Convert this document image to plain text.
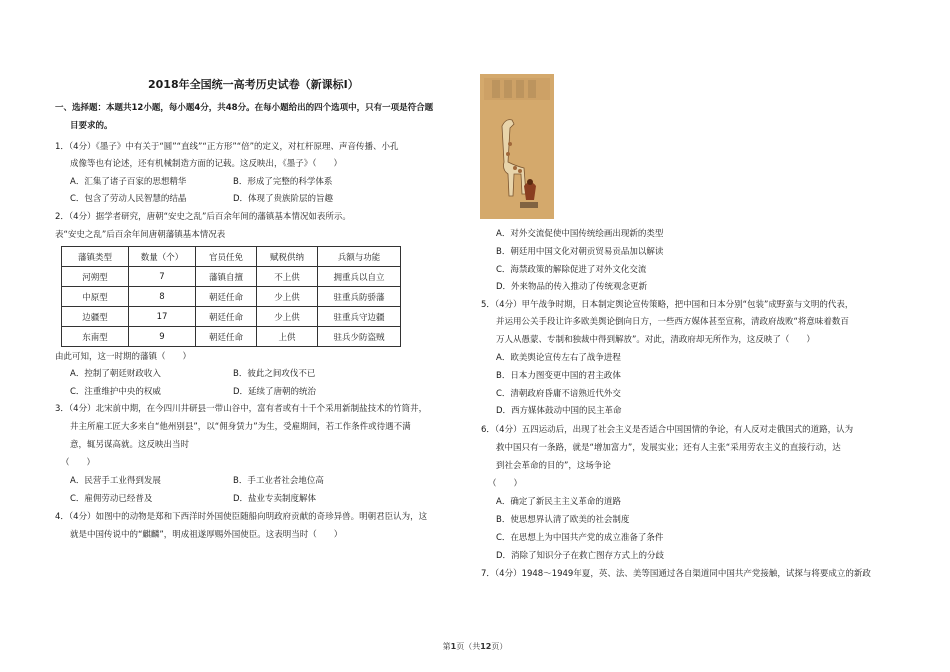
2018年全国统一高考历史试卷（新课标Ⅰ）
一、选择题：本题共12小题，每小题4分，共48分。在每小题给出的四个选项中，只有一项是符合题
目要求的。
1．（4分）《墨子》中有关于“圆”“直线”“正方形”“倍”的定义，对杠杆原理、声音传播、小孔
成像等也有论述，还有机械制造方面的记载。这反映出，《墨子》（　　）
A．汇集了诸子百家的思想精华	B．形成了完整的科学体系
C．包含了劳动人民智慧的结晶	D．体现了贵族阶层的旨趣
2．（4分）据学者研究，唐朝“安史之乱”后百余年间的藩镇基本情况如表所示。
表“安史之乱”后百余年间唐朝藩镇基本情况表
藩镇类型	数量（个）	官员任免	赋税供纳	兵额与功能
河朔型	7	藩镇自擅	不上供	拥重兵以自立
中原型	8	朝廷任命	少上供	驻重兵防骄藩
边疆型	17	朝廷任命	少上供	驻重兵守边疆
东南型	9	朝廷任命	上供	驻兵少防盗贼
由此可知，这一时期的藩镇（　　）
A．控制了朝廷财政收入	B．彼此之间攻伐不已
C．注重维护中央的权威	D．延续了唐朝的统治
3．（4分）北宋前中期，在今四川井研县一带山谷中，富有者或有十千个采用新制盐技术的竹筒井，
井主所雇工匠大多来自“他州别县”，以“佣身赁力”为生，受雇期间，若工作条件或待遇不满
意，辄另谋高就。这反映出当时
（　　）
A．民营手工业得到发展	B．手工业者社会地位高
C．雇佣劳动已经普及	D．盐业专卖制度解体
4．（4分）如图中的动物是郑和下西洋时外国使臣随船向明政府贡献的奇珍异兽。明朝君臣认为，这
就是中国传说中的“麒麟”，明成祖遂厚赐外国使臣。这表明当时（　　）
A．对外交流促使中国传统绘画出现新的类型
B．朝廷用中国文化对朝贡贸易贡品加以解读
C．海禁政策的解除促进了对外文化交流
D．外来物品的传入推动了传统观念更新
5．（4分）甲午战争时期，日本制定舆论宣传策略，把中国和日本分别“包装”成野蛮与文明的代表，
并运用公关手段让许多欧美舆论倒向日方，一些西方媒体甚至宣称，清政府战败“将意味着数百
万人从愚蒙、专制和独裁中得到解放”。对此，清政府却无所作为，这反映了（　　）
A．欧美舆论宣传左右了战争进程
B．日本力图变更中国的君主政体
C．清朝政府昏庸不谙熟近代外交
D．西方媒体鼓动中国的民主革命
6．（4分）五四运动后，出现了社会主义是否适合中国国情的争论，有人反对走俄国式的道路，认为
救中国只有一条路，就是“增加富力”，发展实业；还有人主张“采用劳农主义的直接行动，达
到社会革命的目的”，这场争论
（　　）
A．确定了新民主主义革命的道路
B．使思想界认清了欧美的社会制度
C．在思想上为中国共产党的成立准备了条件
D．消除了知识分子在救亡图存方式上的分歧
7．（4分）1948～1949年夏，英、法、美等国通过各自渠道同中国共产党接触，试探与将要成立的新政
第1页（共12页）
